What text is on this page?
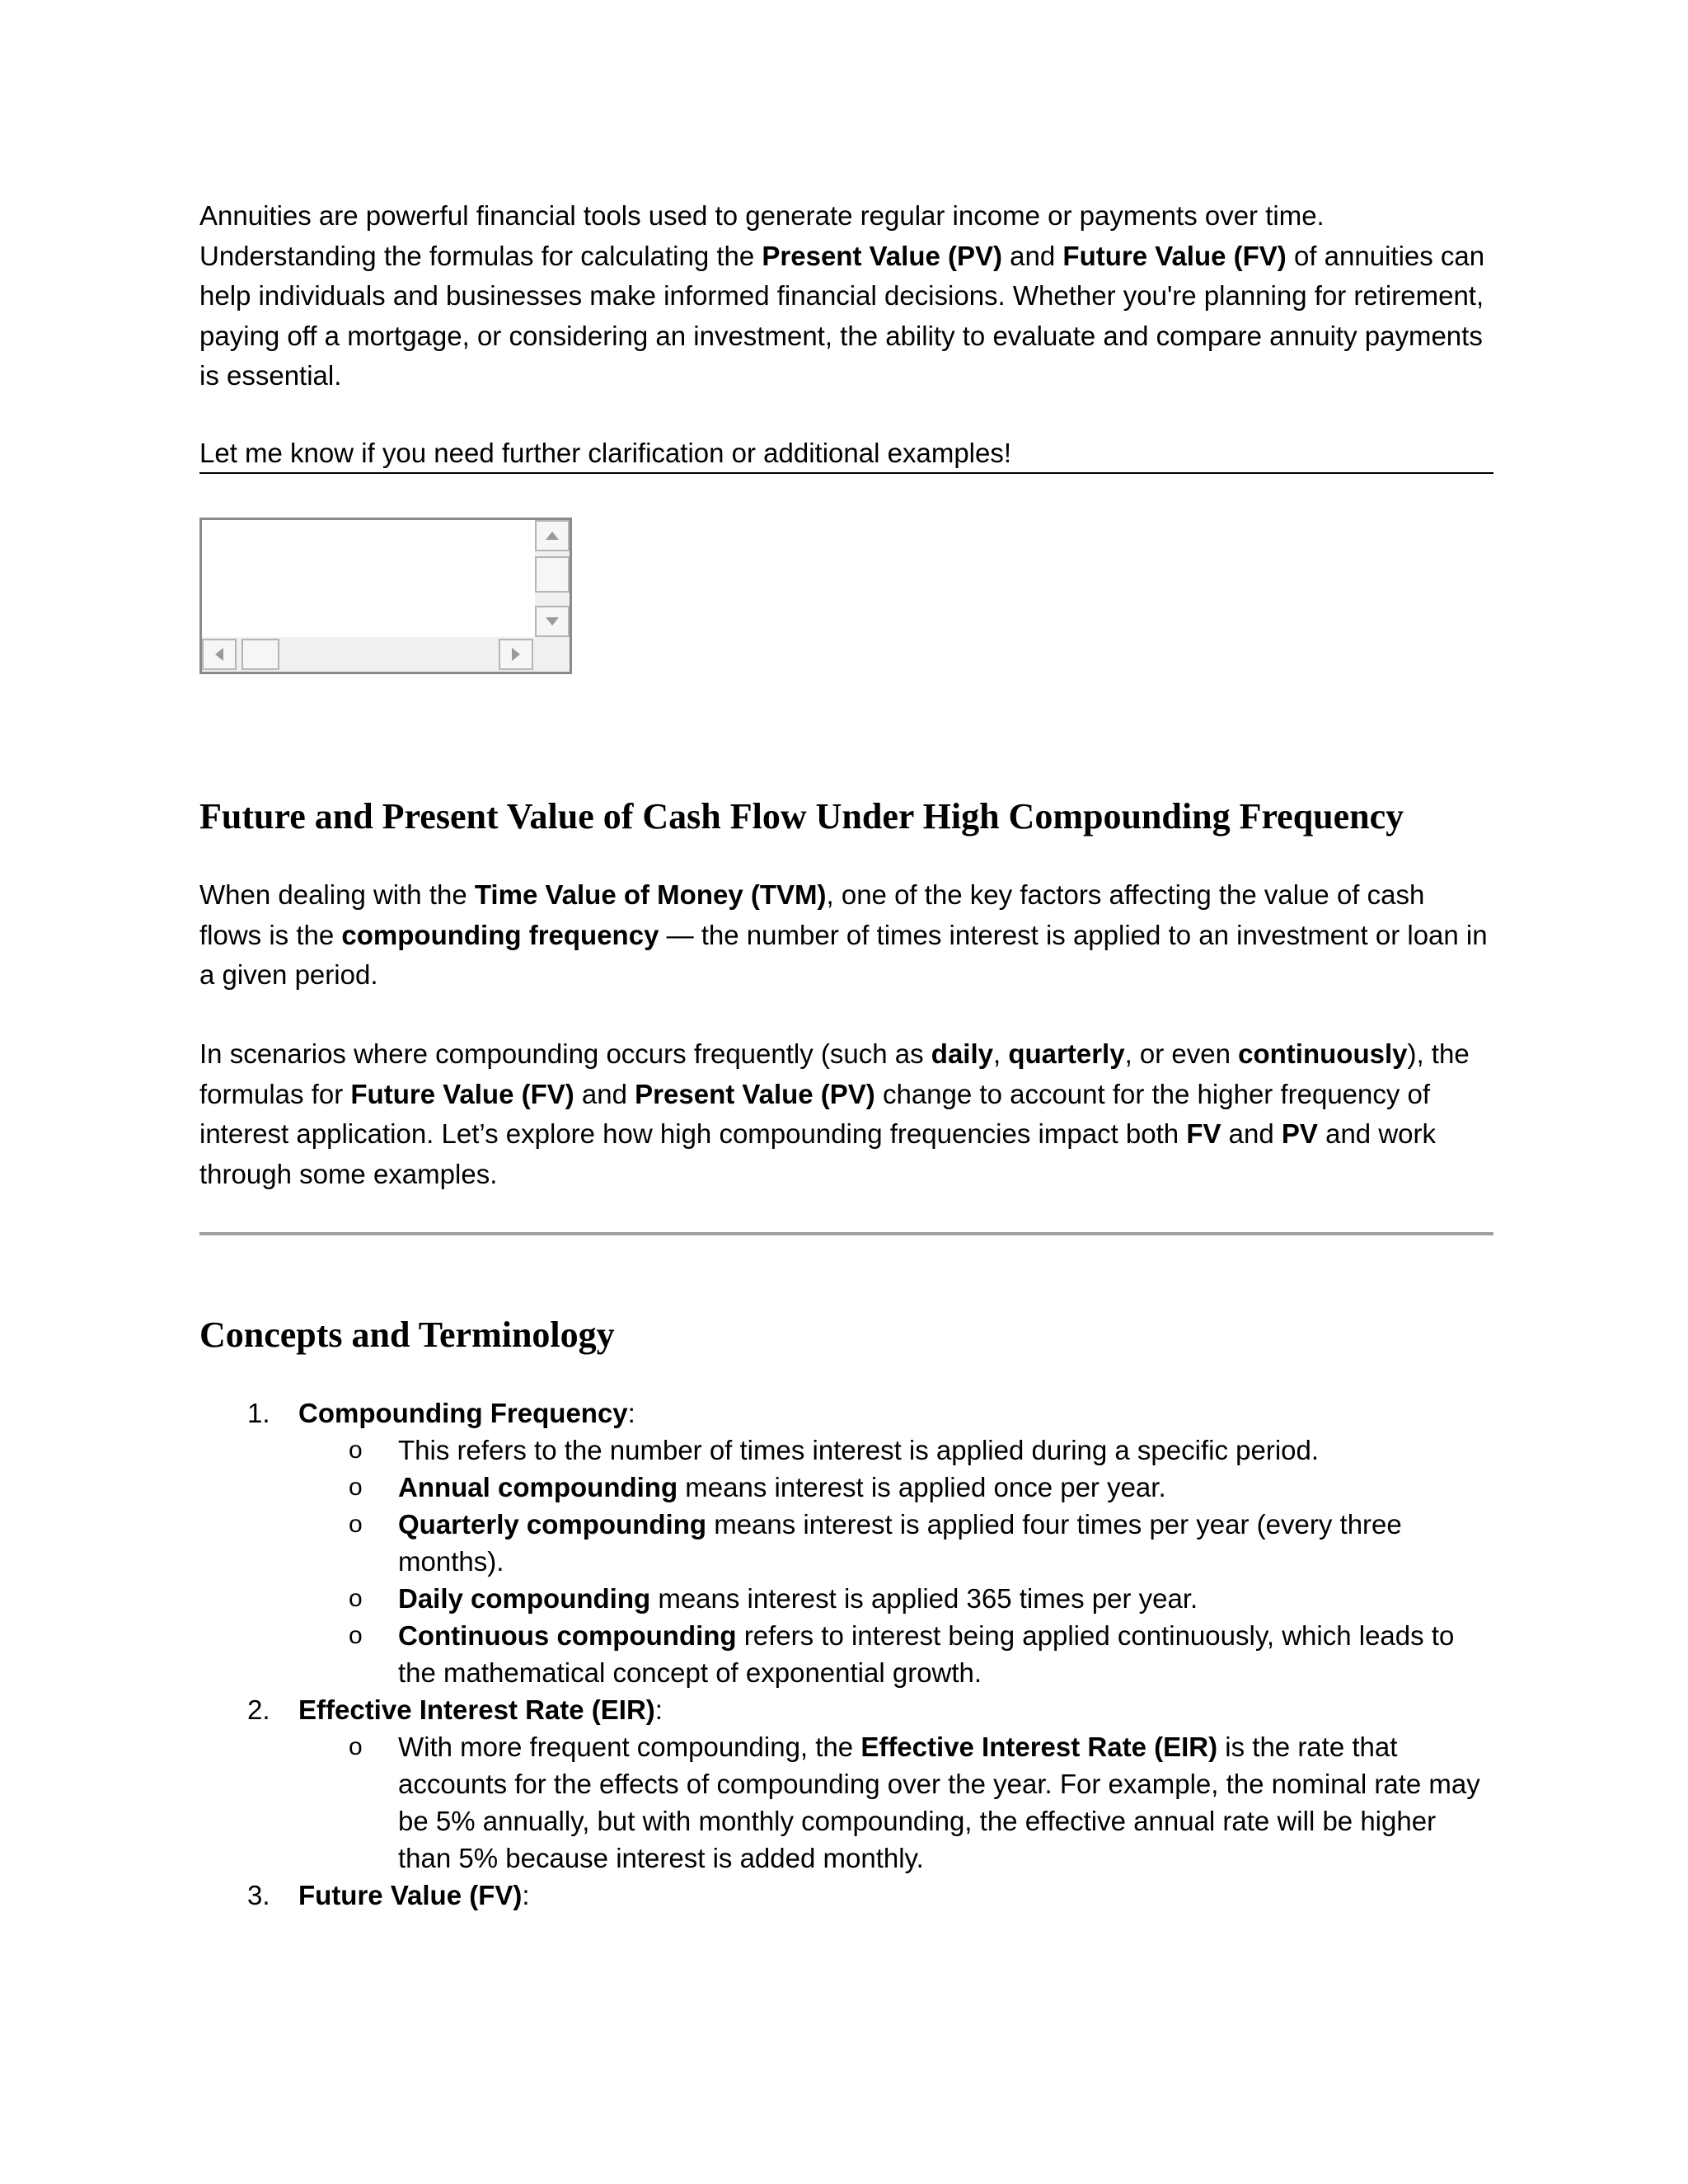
Annuities are powerful financial tools used to generate regular income or payments over time. Understanding the formulas for calculating the Present Value (PV) and Future Value (FV) of annuities can help individuals and businesses make informed financial decisions. Whether you're planning for retirement, paying off a mortgage, or considering an investment, the ability to evaluate and compare annuity payments is essential.

Let me know if you need further clarification or additional examples!

Future and Present Value of Cash Flow Under High Compounding Frequency

When dealing with the Time Value of Money (TVM), one of the key factors affecting the value of cash flows is the compounding frequency — the number of times interest is applied to an investment or loan in a given period.

In scenarios where compounding occurs frequently (such as daily, quarterly, or even continuously), the formulas for Future Value (FV) and Present Value (PV) change to account for the higher frequency of interest application. Let’s explore how high compounding frequencies impact both FV and PV and work through some examples.

Concepts and Terminology
1. Compounding Frequency:
o This refers to the number of times interest is applied during a specific period.
o Annual compounding means interest is applied once per year.
o Quarterly compounding means interest is applied four times per year (every three months).
o Daily compounding means interest is applied 365 times per year.
o Continuous compounding refers to interest being applied continuously, which leads to the mathematical concept of exponential growth.
2. Effective Interest Rate (EIR):
o With more frequent compounding, the Effective Interest Rate (EIR) is the rate that accounts for the effects of compounding over the year. For example, the nominal rate may be 5% annually, but with monthly compounding, the effective annual rate will be higher than 5% because interest is added monthly.
3. Future Value (FV):
